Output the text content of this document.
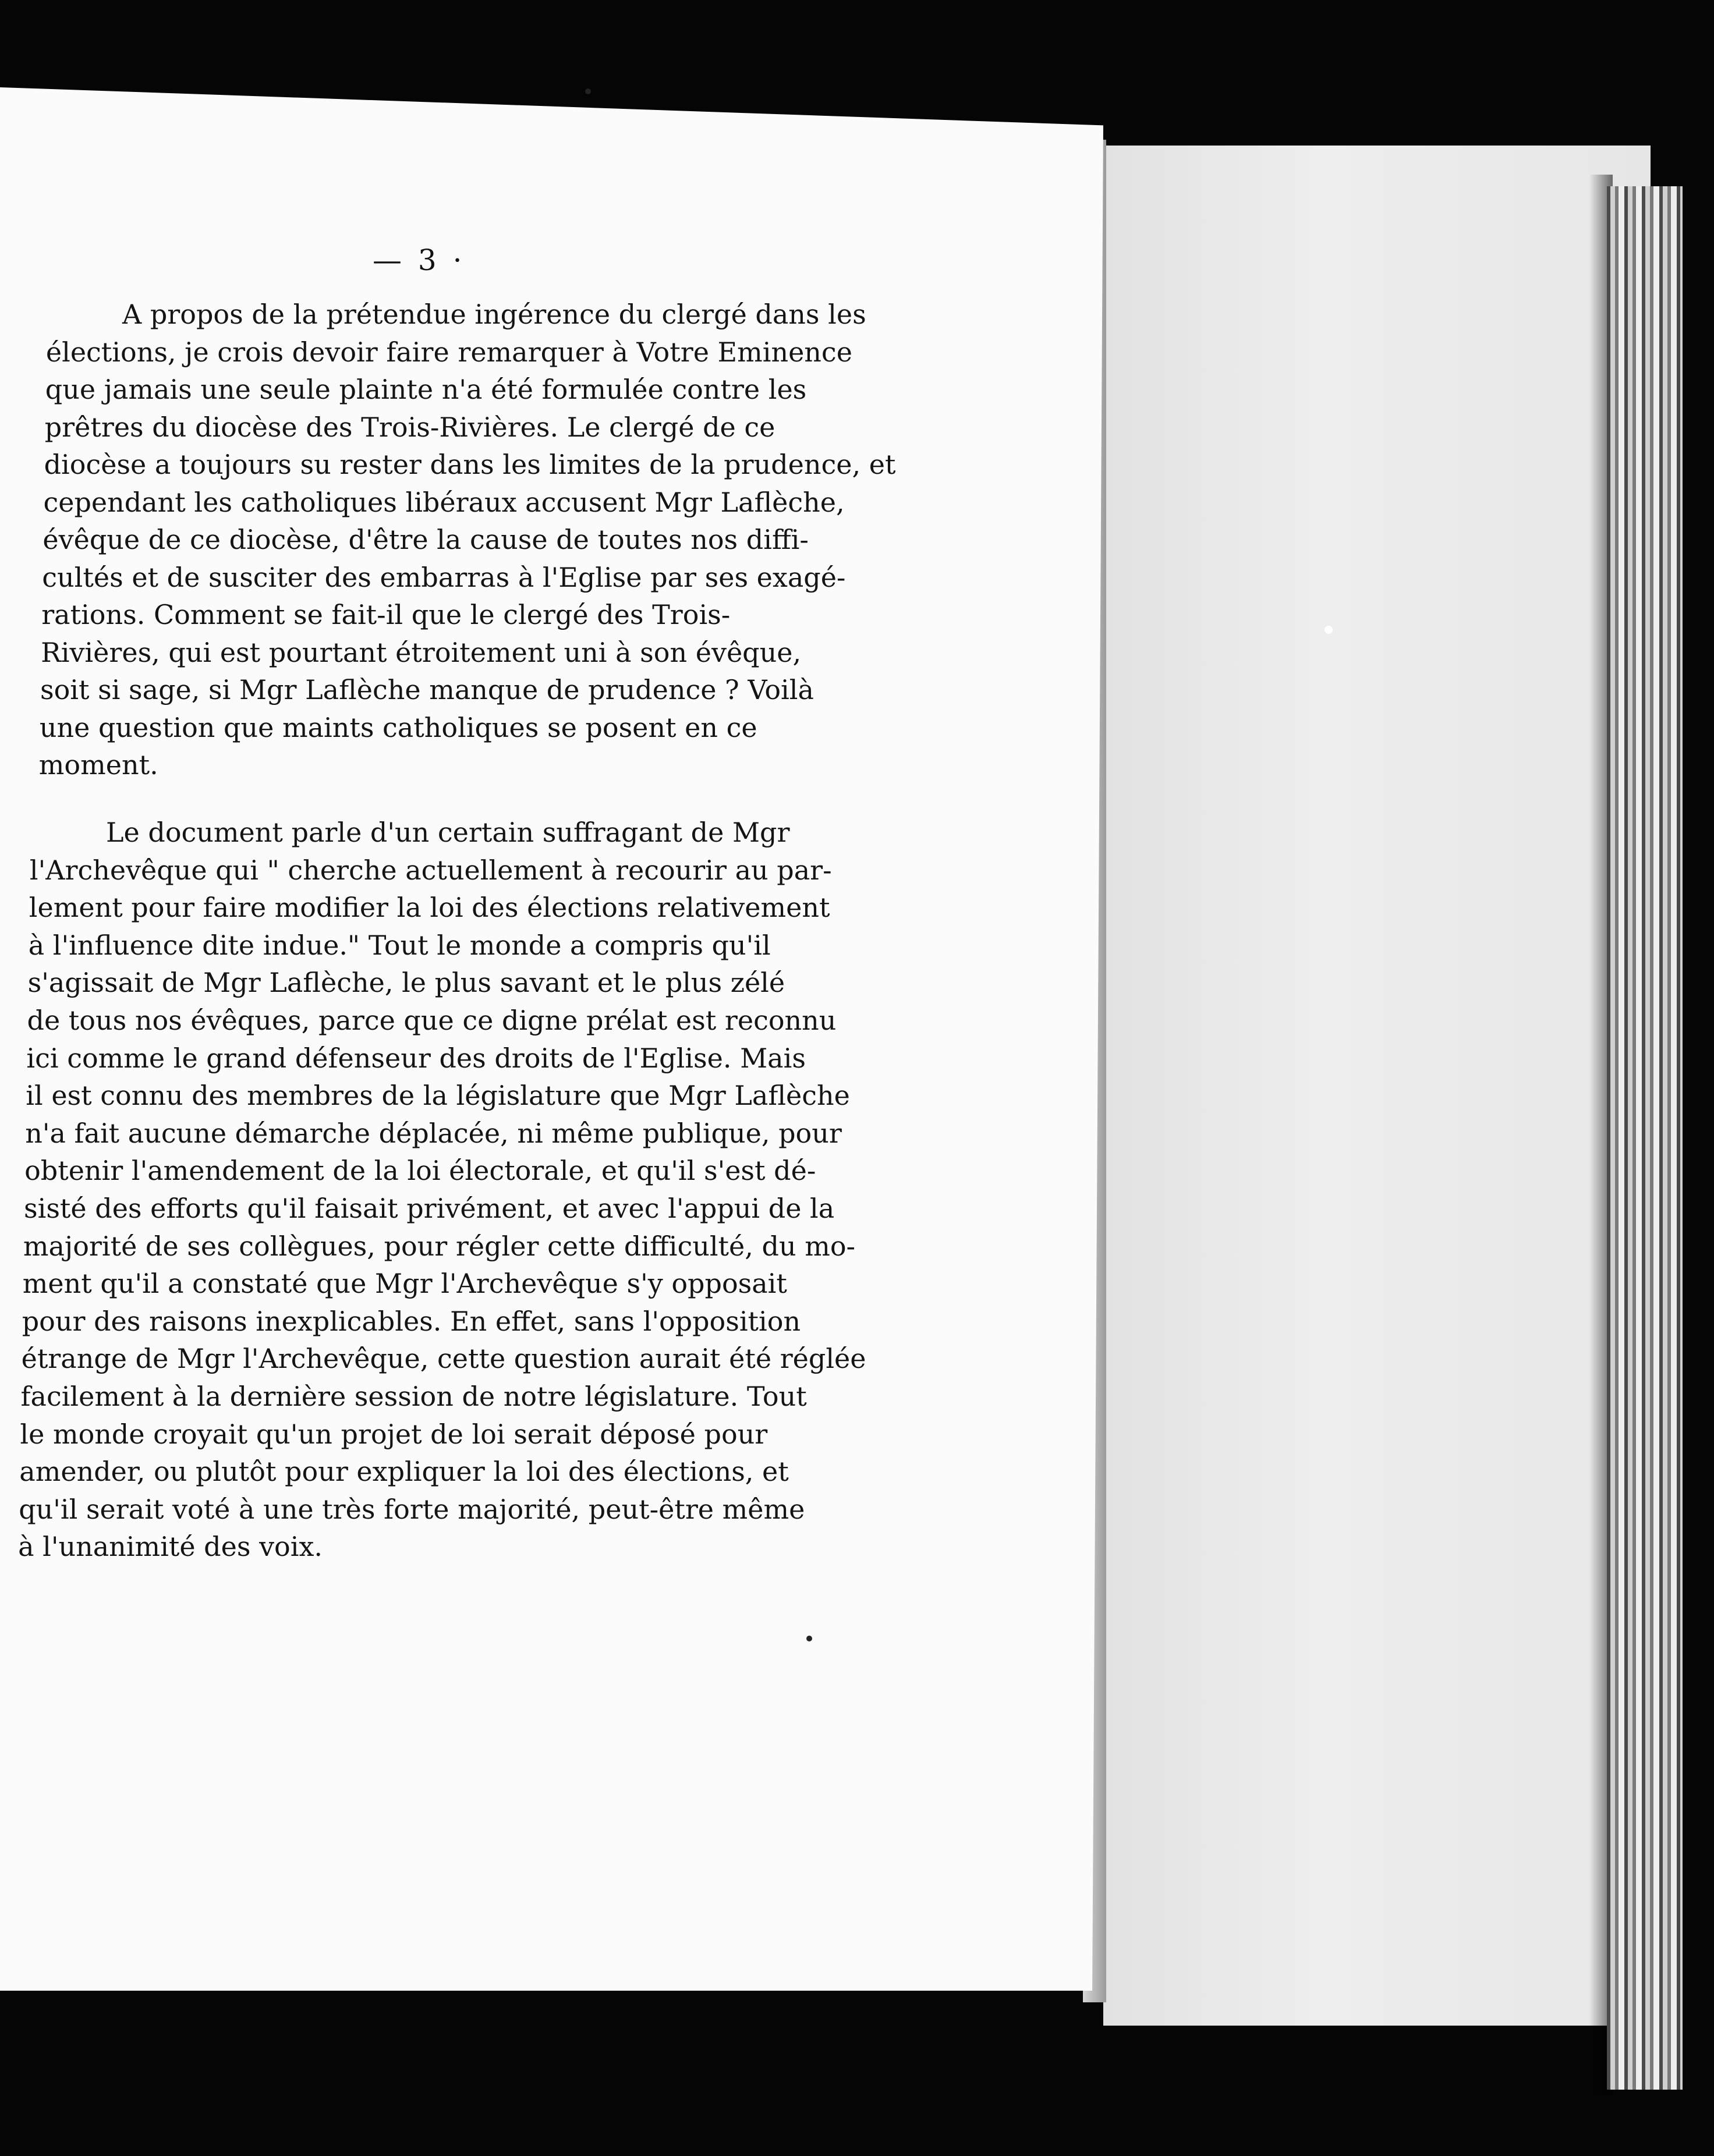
— 3 ·
A propos de la prétendue ingérence du clergé dans les
élections, je crois devoir faire remarquer à Votre Eminence
que jamais une seule plainte n'a été formulée contre les
prêtres du diocèse des Trois-Rivières. Le clergé de ce
diocèse a toujours su rester dans les limites de la prudence, et
cependant les catholiques libéraux accusent Mgr Laflèche,
évêque de ce diocèse, d'être la cause de toutes nos diffi-
cultés et de susciter des embarras à l'Eglise par ses exagé-
rations. Comment se fait-il que le clergé des Trois-
Rivières, qui est pourtant étroitement uni à son évêque,
soit si sage, si Mgr Laflèche manque de prudence ? Voilà
une question que maints catholiques se posent en ce
moment.
Le document parle d'un certain suffragant de Mgr
l'Archevêque qui " cherche actuellement à recourir au par-
lement pour faire modifier la loi des élections relativement
à l'influence dite indue." Tout le monde a compris qu'il
s'agissait de Mgr Laflèche, le plus savant et le plus zélé
de tous nos évêques, parce que ce digne prélat est reconnu
ici comme le grand défenseur des droits de l'Eglise. Mais
il est connu des membres de la législature que Mgr Laflèche
n'a fait aucune démarche déplacée, ni même publique, pour
obtenir l'amendement de la loi électorale, et qu'il s'est dé-
sisté des efforts qu'il faisait privément, et avec l'appui de la
majorité de ses collègues, pour régler cette difficulté, du mo-
ment qu'il a constaté que Mgr l'Archevêque s'y opposait
pour des raisons inexplicables. En effet, sans l'opposition
étrange de Mgr l'Archevêque, cette question aurait été réglée
facilement à la dernière session de notre législature. Tout
le monde croyait qu'un projet de loi serait déposé pour
amender, ou plutôt pour expliquer la loi des élections, et
qu'il serait voté à une très forte majorité, peut-être même
à l'unanimité des voix.
